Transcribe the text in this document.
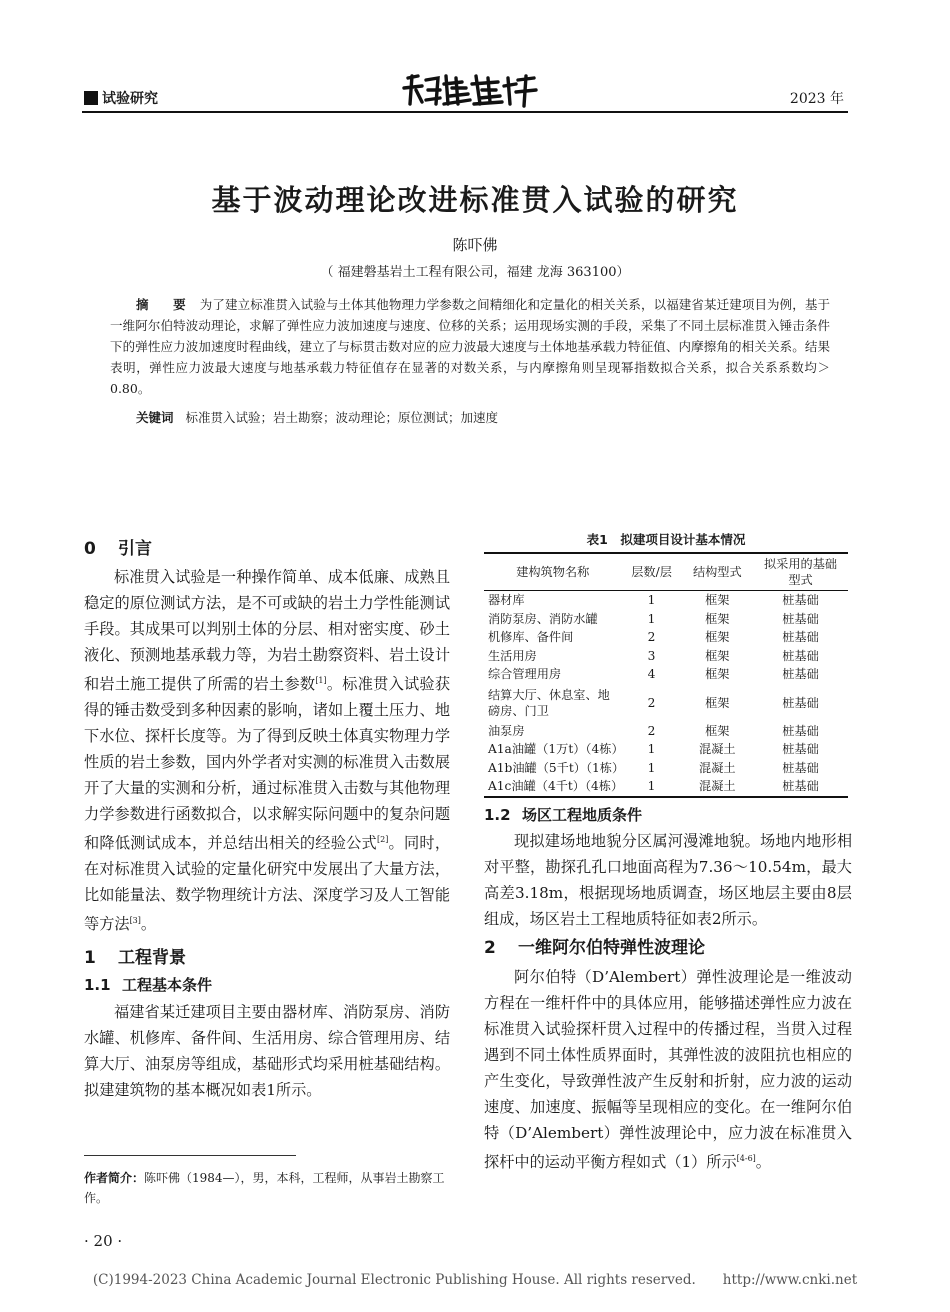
试验研究	2023 年
基于波动理论改进标准贯入试验的研究
陈吓佛
（ 福建磐基岩土工程有限公司，福建 龙海 363100）
摘 要 为了建立标准贯入试验与土体其他物理力学参数之间精细化和定量化的相关关系，以福建省某迁建项目为例，基于一维阿尔伯特波动理论，求解了弹性应力波加速度与速度、位移的关系；运用现场实测的手段，采集了不同土层标准贯入锤击条件下的弹性应力波加速度时程曲线，建立了与标贯击数对应的应力波最大速度与土体地基承载力特征值、内摩擦角的相关关系。结果表明，弹性应力波最大速度与地基承载力特征值存在显著的对数关系，与内摩擦角则呈现幂指数拟合关系，拟合关系系数均＞0.80。
关键词 标准贯入试验；岩土勘察；波动理论；原位测试；加速度
0 引言

标准贯入试验是一种操作简单、成本低廉、成熟且稳定的原位测试方法，是不可或缺的岩土力学性能测试手段。其成果可以判别土体的分层、相对密实度、砂土液化、预测地基承载力等，为岩土勘察资料、岩土设计和岩土施工提供了所需的岩土参数[1]。标准贯入试验获得的锤击数受到多种因素的影响，诸如上覆土压力、地下水位、探杆长度等。为了得到反映土体真实物理力学性质的岩土参数，国内外学者对实测的标准贯入击数展开了大量的实测和分析，通过标准贯入击数与其他物理力学参数进行函数拟合，以求解实际问题中的复杂问题和降低测试成本，并总结出相关的经验公式[2]。同时，在对标准贯入试验的定量化研究中发展出了大量方法，比如能量法、数学物理统计方法、深度学习及人工智能等方法[3]。

1 工程背景
1.1 工程基本条件

福建省某迁建项目主要由器材库、消防泵房、消防水罐、机修库、备件间、生活用房、综合管理用房、结算大厅、油泵房等组成，基础形式均采用桩基础结构。拟建建筑物的基本概况如表1所示。

表1　拟建项目设计基本情况
建构筑物名称	层数/层	结构型式	拟采用的基础型式
器材库	1	框架	桩基础
消防泵房、消防水罐	1	框架	桩基础
机修库、备件间	2	框架	桩基础
生活用房	3	框架	桩基础
综合管理用房	4	框架	桩基础
结算大厅、休息室、地磅房、门卫	2	框架	桩基础
油泵房	2	框架	桩基础
A1a油罐（1万t）（4栋）	1	混凝土	桩基础
A1b油罐（5千t）（1栋）	1	混凝土	桩基础
A1c油罐（4千t）（4栋）	1	混凝土	桩基础
1.2 场区工程地质条件

现拟建场地地貌分区属河漫滩地貌。场地内地形相对平整，勘探孔孔口地面高程为7.36～10.54m，最大高差3.18m，根据现场地质调查，场区地层主要由8层组成，场区岩土工程地质特征如表2所示。

2 一维阿尔伯特弹性波理论

阿尔伯特（D’Alembert）弹性波理论是一维波动方程在一维杆件中的具体应用，能够描述弹性应力波在标准贯入试验探杆贯入过程中的传播过程，当贯入过程遇到不同土体性质界面时，其弹性波的波阻抗也相应的产生变化，导致弹性波产生反射和折射，应力波的运动速度、加速度、振幅等呈现相应的变化。在一维阿尔伯特（D’Alembert）弹性波理论中，应力波在标准贯入探杆中的运动平衡方程如式（1）所示[4-6]。

作者简介：陈吓佛（1984—），男，本科，工程师，从事岩土勘察工作。
· 20 ·
(C)1994-2023 China Academic Journal Electronic Publishing House. All rights reserved.　　http://www.cnki.net
